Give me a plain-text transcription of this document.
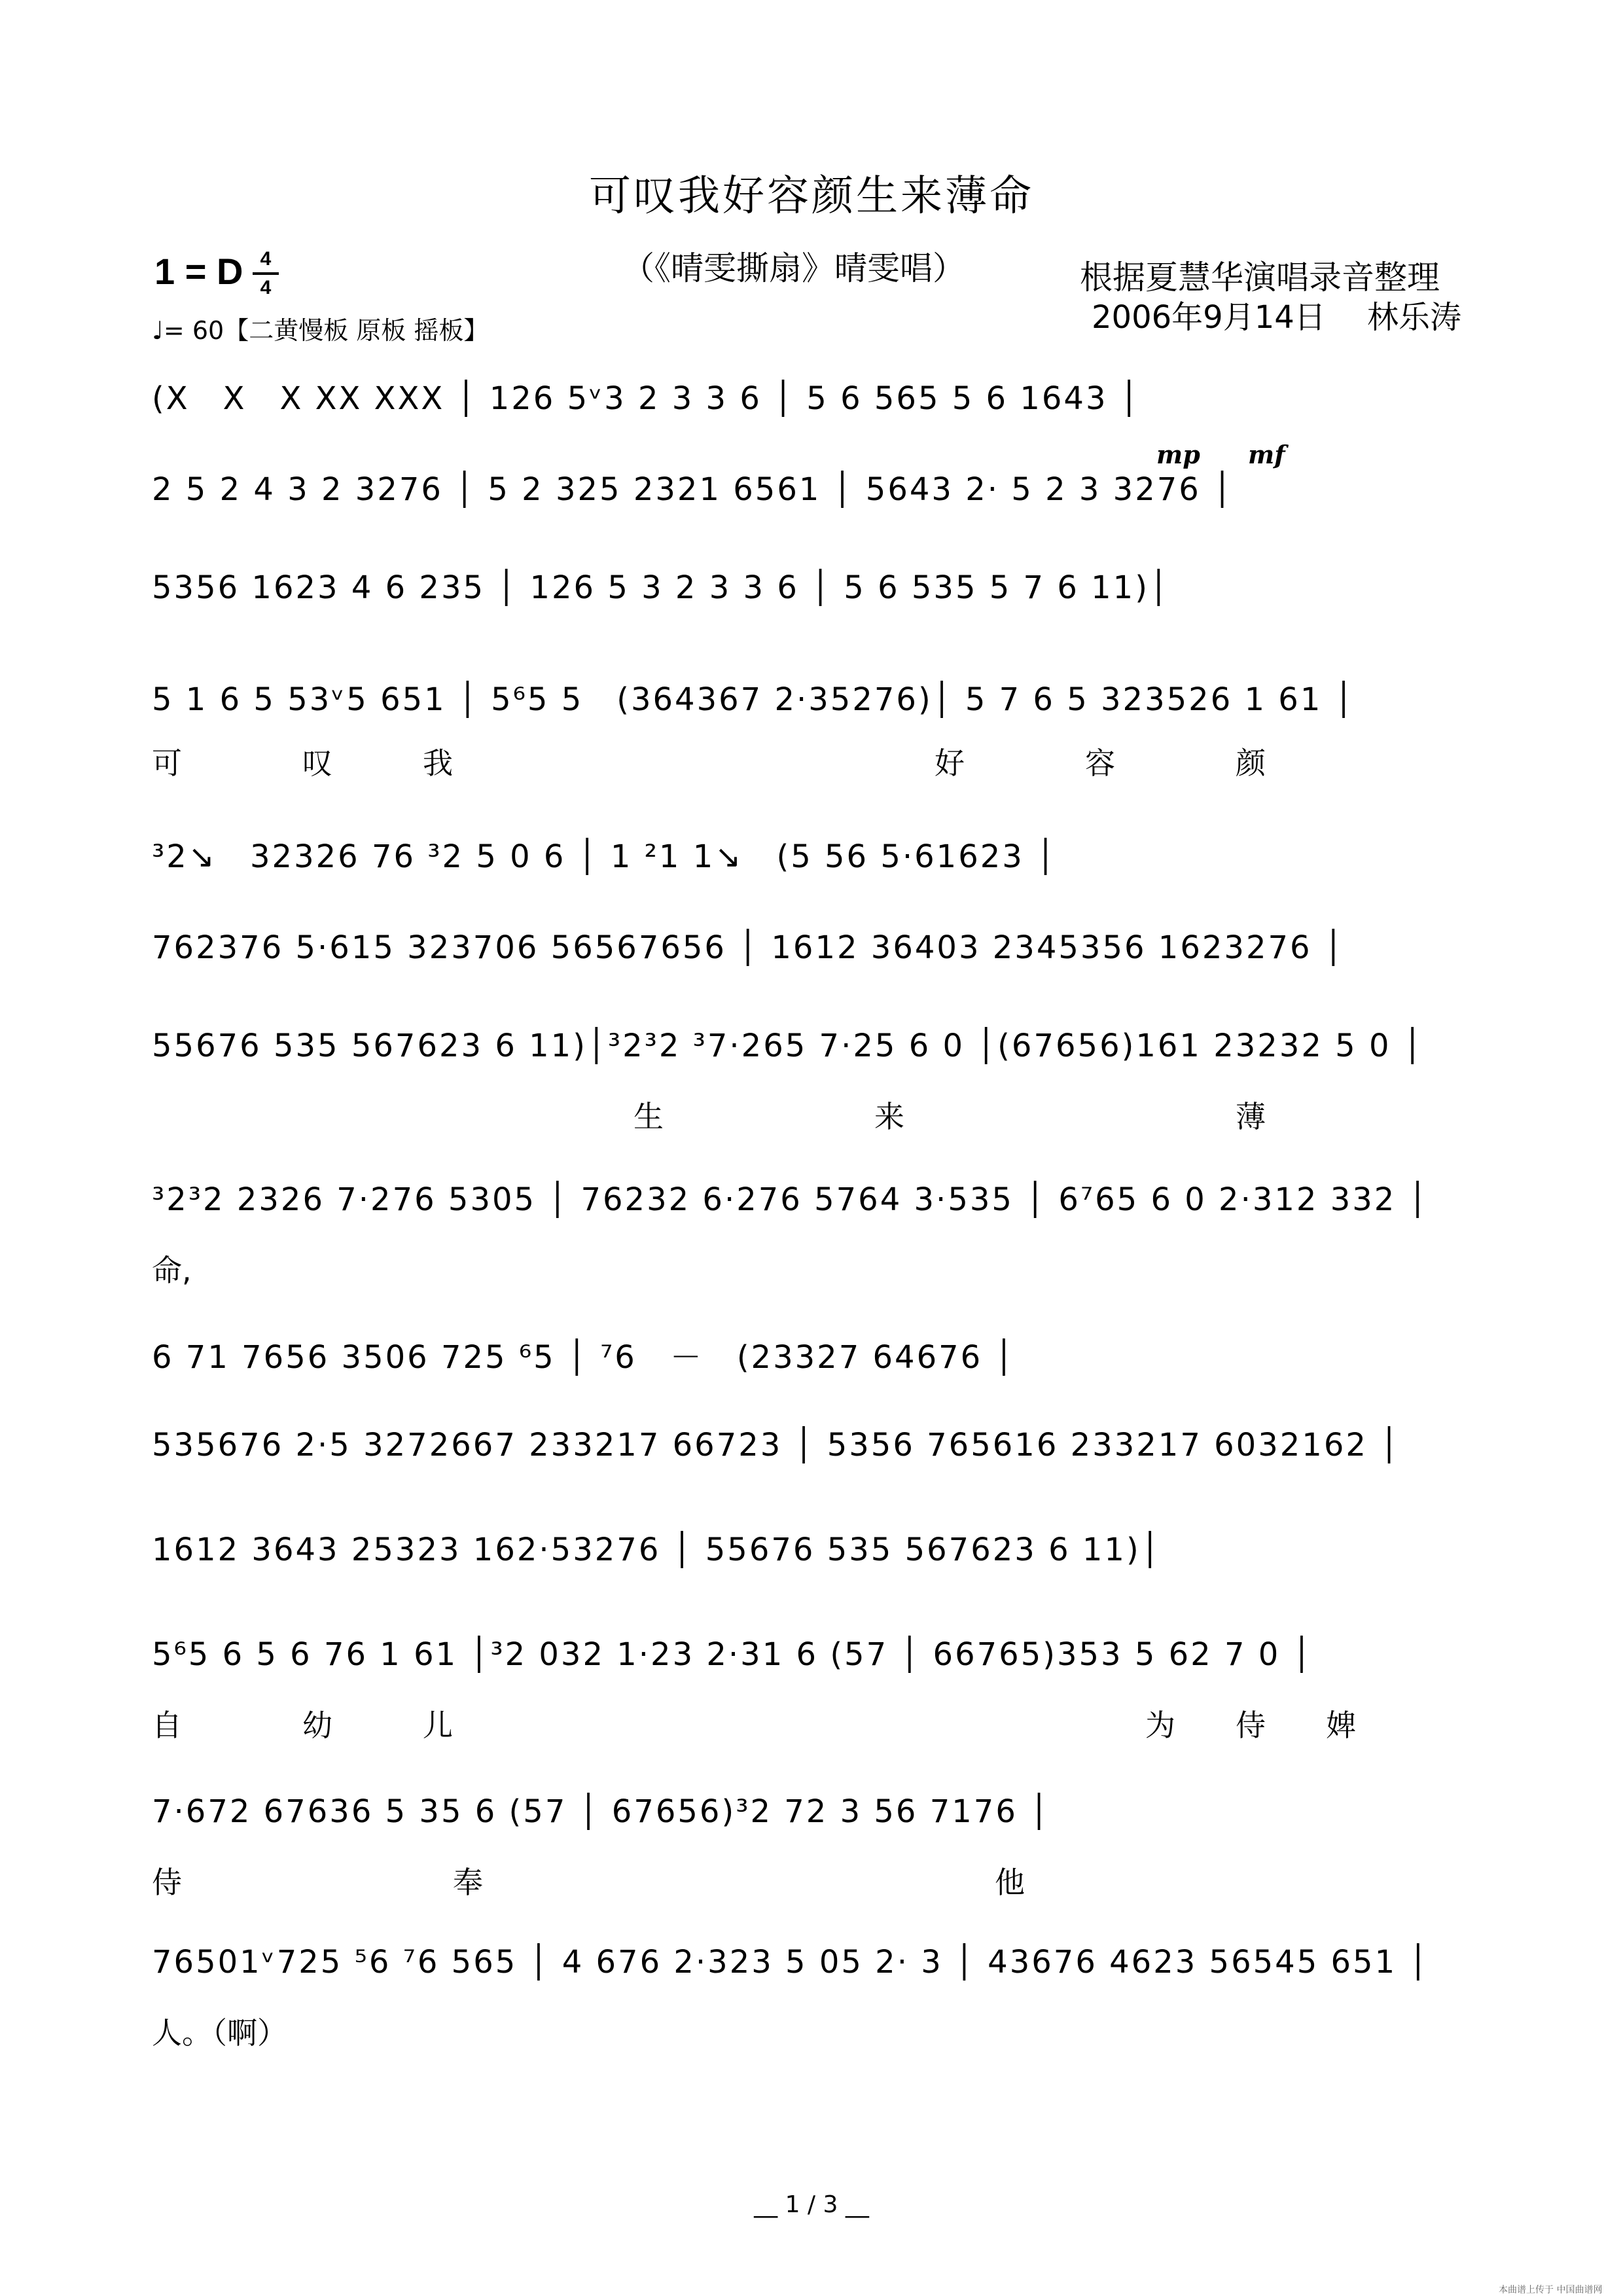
可叹我好容颜生来薄命
1 = D 4
4
♩= 60【二黄慢板 原板 摇板】
（《晴雯撕扇》晴雯唱）	根据夏慧华演唱录音整理
2006年9月14日　 林乐涛
(X　X　X XX XXX │ 126 5ᵛ3 2 3 3 6 │ 5 6 565 5 6 1643 │
2 5 2 4 3 2 3276 │ 5 2 325 2321 6561 │ 5643 2· 5 2 3 3276 │
mp mf
5356 1623 4 6 235 │ 126 5 3 2 3 3 6 │ 5 6 535 5 7 6 11)│
5 1 6 5 53ᵛ5 651 │ 5⁶5 5　(364367 2·35276)│ 5 7 6 5 323526 1 61 │
可　　　　叹　　　我　　　　　　　　　　　　　　　　好　　　　容　　　　颜
³2↘　32326 76 ³2 5 0 6 │ 1 ²1 1↘　(5 56 5·61623 │
762376 5·615 323706 56567656 │ 1612 36403 2345356 1623276 │
55676 535 567623 6 11)│³2³2 ³7·265 7·25 6 0 │(67656)161 23232 5 0 │
　　　　　　　　　　　　　　　　生　　　　　　　来　　　　　　　　　　　薄
³2³2 2326 7·276 5305 │ 76232 6·276 5764 3·535 │ 6⁷65 6 0 2·312 332 │
命,
6 71 7656 3506 725 ⁶5 │ ⁷6　－　(23327 64676 │
535676 2·5 3272667 233217 66723 │ 5356 765616 233217 6032162 │
1612 3643 25323 162·53276 │ 55676 535 567623 6 11)│
5⁶5 6 5 6 76 1 61 │³2 032 1·23 2·31 6 (57 │ 66765)353 5 62 7 0 │
自　　　　幼　　　儿　　　　　　　　　　　　　　　　　　　　　　　为　　侍　　婢
7·672 67636 5 35 6 (57 │ 67656)³2 72 3 56 7176 │
侍　　　　　　　　　奉　　　　　　　　　　　　　　　　　他
76501ᵛ725 ⁵6 ⁷6 565 │ 4 676 2·323 5 05 2· 3 │ 43676 4623 56545 651 │
人。（啊）
__ 1 / 3 __
本曲谱上传于 中国曲谱网
